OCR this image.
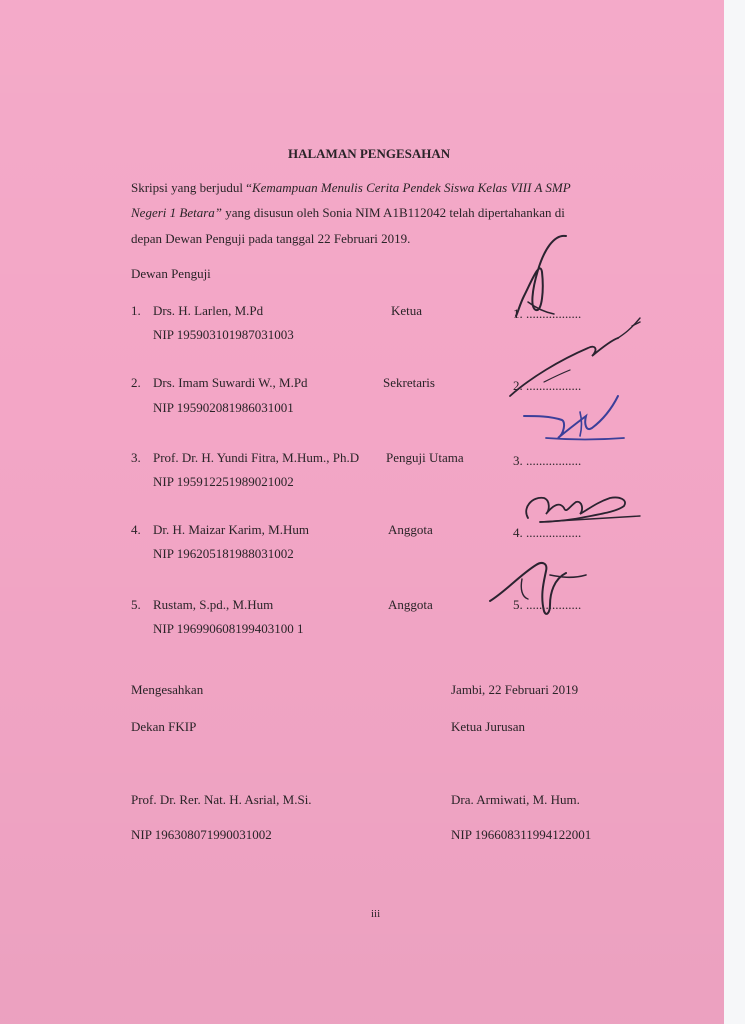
HALAMAN PENGESAHAN
Skripsi yang berjudul “Kemampuan Menulis Cerita Pendek Siswa Kelas VIII A SMP
Negeri 1 Betara” yang disusun oleh Sonia NIM A1B112042 telah dipertahankan di
depan Dewan Penguji pada tanggal 22 Februari 2019.
Dewan Penguji
1. Drs. H. Larlen, M.Pd
NIP 195903101987031003
Ketua	1. .................
2. Drs. Imam Suwardi W., M.Pd
NIP 195902081986031001
Sekretaris	2. .................
3. Prof. Dr. H. Yundi Fitra, M.Hum., Ph.D
NIP 195912251989021002
Penguji Utama	3. .................
4. Dr. H. Maizar Karim, M.Hum
NIP 196205181988031002
Anggota	4. .................
5. Rustam, S.pd., M.Hum
NIP 196990608199403100 1
Anggota	5. .................
Mengesahkan
Dekan FKIP
Prof. Dr. Rer. Nat. H. Asrial, M.Si.
NIP 196308071990031002
Jambi, 22 Februari 2019
Ketua Jurusan
Dra. Armiwati, M. Hum.
NIP 196608311994122001
iii
